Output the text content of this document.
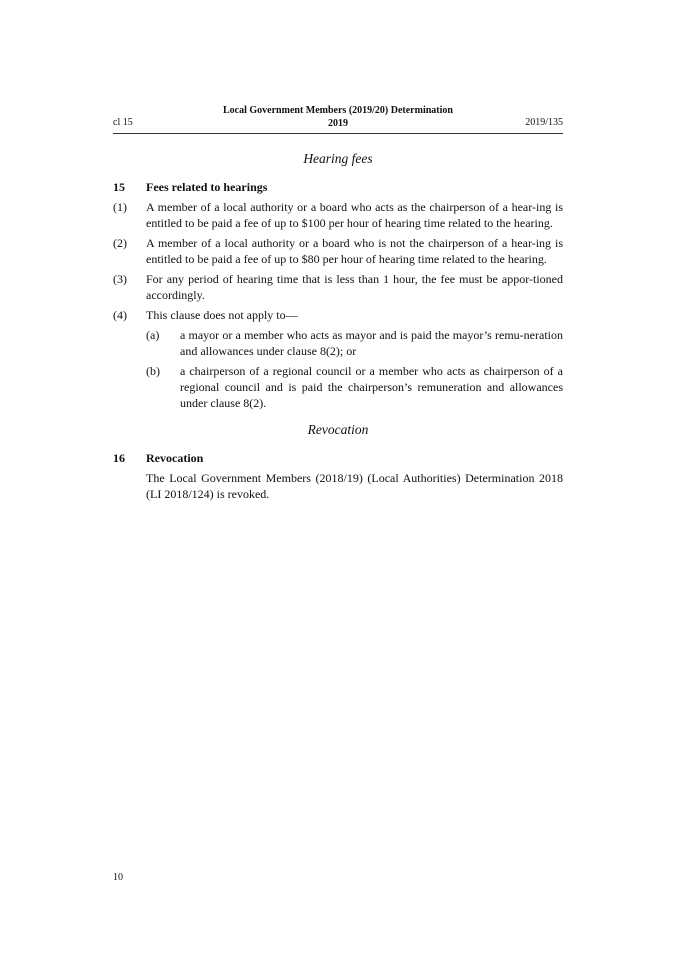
cl 15
Local Government Members (2019/20) Determination
2019	2019/135

Hearing fees

15	Fees related to hearings
(1)	A member of a local authority or a board who acts as the chairperson of a hear-ing is entitled to be paid a fee of up to $100 per hour of hearing time related to the hearing.
(2)	A member of a local authority or a board who is not the chairperson of a hear-ing is entitled to be paid a fee of up to $80 per hour of hearing time related to the hearing.
(3)	For any period of hearing time that is less than 1 hour, the fee must be appor-tioned accordingly.
(4)	This clause does not apply to—
(a)	a mayor or a member who acts as mayor and is paid the mayor’s remu-neration and allowances under clause 8(2); or
(b)	a chairperson of a regional council or a member who acts as chairperson of a regional council and is paid the chairperson’s remuneration and allowances under clause 8(2).

Revocation

16	Revocation
The Local Government Members (2018/19) (Local Authorities) Determination 2018 (LI 2018/124) is revoked.
10
